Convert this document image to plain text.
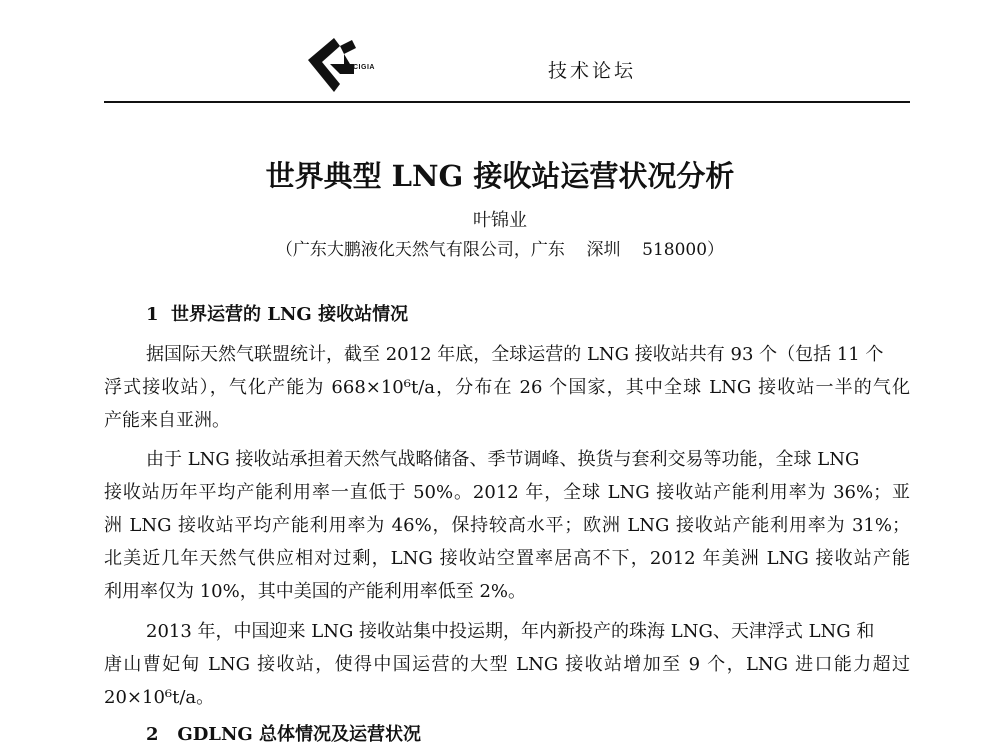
CIGIA	技术论坛
世界典型 LNG 接收站运营状况分析
叶锦业
（广东大鹏液化天然气有限公司，广东    深圳    518000）
1  世界运营的 LNG 接收站情况
据国际天然气联盟统计，截至 2012 年底，全球运营的 LNG 接收站共有 93 个（包括 11 个
浮式接收站），气化产能为 668×10⁶t/a，分布在 26 个国家，其中全球 LNG 接收站一半的气化
产能来自亚洲。
由于 LNG 接收站承担着天然气战略储备、季节调峰、换货与套利交易等功能，全球 LNG
接收站历年平均产能利用率一直低于 50%。2012 年，全球 LNG 接收站产能利用率为 36%；亚
洲 LNG 接收站平均产能利用率为 46%，保持较高水平；欧洲 LNG 接收站产能利用率为 31%；
北美近几年天然气供应相对过剩，LNG 接收站空置率居高不下，2012 年美洲 LNG 接收站产能
利用率仅为 10%，其中美国的产能利用率低至 2%。
2013 年，中国迎来 LNG 接收站集中投运期，年内新投产的珠海 LNG、天津浮式 LNG 和
唐山曹妃甸 LNG 接收站，使得中国运营的大型 LNG 接收站增加至 9 个，LNG 进口能力超过
20×10⁶t/a。
2   GDLNG 总体情况及运营状况
